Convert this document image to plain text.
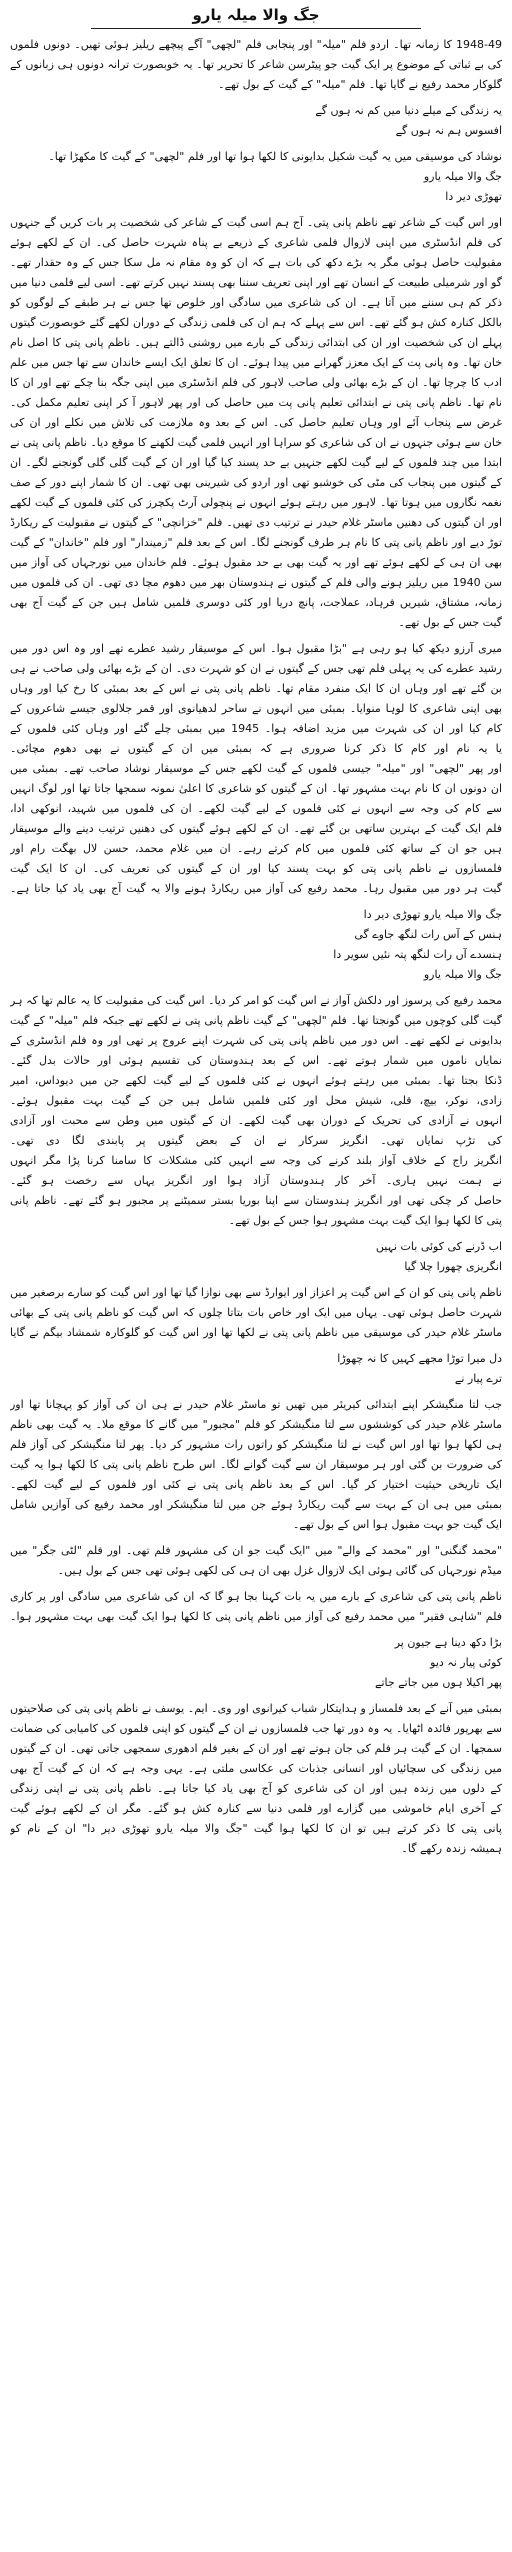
جگ والا میلہ یارو
1948-49 کا زمانہ تھا۔ اردو فلم "میلہ" اور پنجابی فلم "لچھی" آگے پیچھے ریلیز ہوئی تھیں۔ دونوں فلموں
کی بے ثباتی کے موضوع پر ایک گیت جو پیٹرسن شاعر کا تحریر تھا۔ یہ خوبصورت ترانہ دونوں ہی زبانوں کے
گلوکار محمد رفیع نے گایا تھا۔ فلم "میلہ" کے گیت کے بول تھے۔
یہ زندگی کے میلے دنیا میں کم نہ ہوں گے
افسوس ہم نہ ہوں گے
نوشاد کی موسیقی میں یہ گیت شکیل بدایونی کا لکھا ہوا تھا اور فلم "لچھی" کے گیت کا مکھڑا تھا۔
جگ والا میلہ یارو
تھوڑی دیر دا
اور اس گیت کے شاعر تھے ناظم پانی پتی۔ آج ہم اسی گیت کے شاعر کی شخصیت پر بات کریں گے جنہوں
کی فلم انڈسٹری میں اپنی لازوال فلمی شاعری کے ذریعے بے پناہ شہرت حاصل کی۔ ان کے لکھے ہوئے
مقبولیت حاصل ہوئی مگر یہ بڑے دکھ کی بات ہے کہ ان کو وہ مقام نہ مل سکا جس کے وہ حقدار تھے۔
گو اور شرمیلی طبیعت کے انسان تھے اور اپنی تعریف سننا بھی پسند نہیں کرتے تھے۔ اسی لیے فلمی دنیا میں
ذکر کم ہی سننے میں آتا ہے۔ ان کی شاعری میں سادگی اور خلوص تھا جس نے ہر طبقے کے لوگوں کو
بالکل کنارہ کش ہو گئے تھے۔ اس سے پہلے کہ ہم ان کی فلمی زندگی کے دوران لکھے گئے خوبصورت گیتوں
پہلے ان کی شخصیت اور ان کی ابتدائی زندگی کے بارے میں روشنی ڈالتے ہیں۔ ناظم پانی پتی کا اصل نام
خان تھا۔ وہ پانی پت کے ایک معزز گھرانے میں پیدا ہوئے۔ ان کا تعلق ایک ایسے خاندان سے تھا جس میں علم
ادب کا چرچا تھا۔ ان کے بڑے بھائی ولی صاحب لاہور کی فلم انڈسٹری میں اپنی جگہ بنا چکے تھے اور ان کا
نام تھا۔ ناظم پانی پتی نے ابتدائی تعلیم پانی پت میں حاصل کی اور پھر لاہور آ کر اپنی تعلیم مکمل کی۔
غرض سے پنجاب آئے اور وہاں تعلیم حاصل کی۔ اس کے بعد وہ ملازمت کی تلاش میں نکلے اور ان کی
خان سے ہوئی جنہوں نے ان کی شاعری کو سراہا اور انہیں فلمی گیت لکھنے کا موقع دیا۔ ناظم پانی پتی نے
ابتدا میں چند فلموں کے لیے گیت لکھے جنہیں بے حد پسند کیا گیا اور ان کے گیت گلی گلی گونجنے لگے۔ ان
کے گیتوں میں پنجاب کی مٹی کی خوشبو تھی اور اردو کی شیرینی بھی تھی۔ ان کا شمار اپنے دور کے صف
نغمہ نگاروں میں ہوتا تھا۔ لاہور میں رہتے ہوئے انہوں نے پنچولی آرٹ پکچرز کی کئی فلموں کے گیت لکھے
اور ان گیتوں کی دھنیں ماسٹر غلام حیدر نے ترتیب دی تھیں۔ فلم "خزانچی" کے گیتوں نے مقبولیت کے ریکارڈ
توڑ دیے اور ناظم پانی پتی کا نام ہر طرف گونجنے لگا۔ اس کے بعد فلم "زمیندار" اور فلم "خاندان" کے گیت
بھی ان ہی کے لکھے ہوئے تھے اور یہ گیت بھی بے حد مقبول ہوئے۔ فلم خاندان میں نورجہاں کی آواز میں
سن 1940 میں ریلیز ہونے والی فلم کے گیتوں نے ہندوستان بھر میں دھوم مچا دی تھی۔ ان کی فلموں میں
زمانہ، مشتاق، شیریں فرہاد، عملاجت، پانچ دریا اور کئی دوسری فلمیں شامل ہیں جن کے گیت آج بھی
گیت جس کے بول تھے۔
میری آرزو دیکھ کیا ہو رہی ہے "بڑا مقبول ہوا۔ اس کے موسیقار رشید عطرے تھے اور وہ اس دور میں
رشید عطرے کی یہ پہلی فلم تھی جس کے گیتوں نے ان کو شہرت دی۔ ان کے بڑے بھائی ولی صاحب نے ہی
بن گئے تھے اور وہاں ان کا ایک منفرد مقام تھا۔ ناظم پانی پتی نے اس کے بعد بمبئی کا رخ کیا اور وہاں
بھی اپنی شاعری کا لوہا منوایا۔ بمبئی میں انہوں نے ساحر لدھیانوی اور قمر جلالوی جیسے شاعروں کے
کام کیا اور ان کی شہرت میں مزید اضافہ ہوا۔ 1945 میں بمبئی چلے گئے اور وہاں کئی فلموں کے
یا یہ نام اور کام کا ذکر کرنا ضروری ہے کہ بمبئی میں ان کے گیتوں نے بھی دھوم مچائی۔
اور پھر "لچھی" اور "میلہ" جیسی فلموں کے گیت لکھے جس کے موسیقار نوشاد صاحب تھے۔ بمبئی میں
ان دونوں ان کا نام بہت مشہور تھا۔ ان کے گیتوں کو شاعری کا اعلیٰ نمونہ سمجھا جاتا تھا اور لوگ انہیں
سے کام کی وجہ سے انہوں نے کئی فلموں کے لیے گیت لکھے۔ ان کی فلموں میں شہید، انوکھی ادا،
فلم ایک گیت کے بہترین ساتھی بن گئے تھے۔ ان کے لکھے ہوئے گیتوں کی دھنیں ترتیب دینے والے موسیقار
ہیں جو ان کے ساتھ کئی فلموں میں کام کرتے رہے۔ ان میں غلام محمد، حسن لال بھگت رام اور
فلمسازوں نے ناظم پانی پتی کو بہت پسند کیا اور ان کے گیتوں کی تعریف کی۔ ان کا ایک گیت
گیت ہر دور میں مقبول رہا۔ محمد رفیع کی آواز میں ریکارڈ ہونے والا یہ گیت آج بھی یاد کیا جاتا ہے۔
جگ والا میلہ یارو تھوڑی دیر دا
ہنس کے آس رات لنگھ جاوے گی
ہنسدے آں رات لنگھ پتہ نئیں سویر دا
جگ والا میلہ یارو
محمد رفیع کی پرسوز اور دلکش آواز نے اس گیت کو امر کر دیا۔ اس گیت کی مقبولیت کا یہ عالم تھا کہ ہر
گیت گلی کوچوں میں گونجتا تھا۔ فلم "لچھی" کے گیت ناظم پانی پتی نے لکھے تھے جبکہ فلم "میلہ" کے گیت
بدایونی نے لکھے تھے۔ اس دور میں ناظم پانی پتی کی شہرت اپنے عروج پر تھی اور وہ فلم انڈسٹری کے
نمایاں ناموں میں شمار ہوتے تھے۔ اس کے بعد ہندوستان کی تقسیم ہوئی اور حالات بدل گئے۔
ڈنکا بجتا تھا۔ بمبئی میں رہتے ہوئے انہوں نے کئی فلموں کے لیے گیت لکھے جن میں دیوداس، امیر
زادی، نوکر، بیچ، قلی، شیش محل اور کئی فلمیں شامل ہیں جن کے گیت بہت مقبول ہوئے۔
انہوں نے آزادی کی تحریک کے دوران بھی گیت لکھے۔ ان کے گیتوں میں وطن سے محبت اور آزادی
کی تڑپ نمایاں تھی۔ انگریز سرکار نے ان کے بعض گیتوں پر پابندی لگا دی تھی۔
انگریز راج کے خلاف آواز بلند کرنے کی وجہ سے انہیں کئی مشکلات کا سامنا کرنا پڑا مگر انہوں
نے ہمت نہیں ہاری۔ آخر کار ہندوستان آزاد ہوا اور انگریز یہاں سے رخصت ہو گئے۔
حاصل کر چکی تھی اور انگریز ہندوستان سے اپنا بوریا بستر سمیٹنے پر مجبور ہو گئے تھے۔ ناظم پانی
پتی کا لکھا ہوا ایک گیت بہت مشہور ہوا جس کے بول تھے۔
اب ڈرنے کی کوئی بات نہیں
انگریزی چھورا چلا گیا
ناظم پانی پتی کو ان کے اس گیت پر اعزاز اور ایوارڈ سے بھی نوازا گیا تھا اور اس گیت کو سارے برصغیر میں
شہرت حاصل ہوئی تھی۔ یہاں میں ایک اور خاص بات بتاتا چلوں کہ اس گیت کو ناظم پانی پتی کے بھائی
ماسٹر غلام حیدر کی موسیقی میں ناظم پانی پتی نے لکھا تھا اور اس گیت کو گلوکارہ شمشاد بیگم نے گایا
دل میرا توڑا مجھے کہیں کا نہ چھوڑا
ترے پیار نے
جب لتا منگیشکر اپنے ابتدائی کیریئر میں تھیں تو ماسٹر غلام حیدر نے ہی ان کی آواز کو پہچانا تھا اور
ماسٹر غلام حیدر کی کوششوں سے لتا منگیشکر کو فلم "مجبور" میں گانے کا موقع ملا۔ یہ گیت بھی ناظم
ہی لکھا ہوا تھا اور اس گیت نے لتا منگیشکر کو راتوں رات مشہور کر دیا۔ پھر لتا منگیشکر کی آواز فلم
کی ضرورت بن گئی اور ہر موسیقار ان سے گیت گوانے لگا۔ اس طرح ناظم پانی پتی کا لکھا ہوا یہ گیت
ایک تاریخی حیثیت اختیار کر گیا۔ اس کے بعد ناظم پانی پتی نے کئی اور فلموں کے لیے گیت لکھے۔
بمبئی میں ہی ان کے بہت سے گیت ریکارڈ ہوئے جن میں لتا منگیشکر اور محمد رفیع کی آوازیں شامل
ایک گیت جو بہت مقبول ہوا اس کے بول تھے۔
"محمد گنگنی" اور "محمد کے والے" میں "ایک گیت جو ان کی مشہور فلم تھی۔ اور فلم "لٹی جگر" میں
میڈم نورجہاں کی گائی ہوئی ایک لازوال غزل بھی ان ہی کی لکھی ہوئی تھی جس کے بول ہیں۔
ناظم پانی پتی کی شاعری کے بارے میں یہ بات کہنا بجا ہو گا کہ ان کی شاعری میں سادگی اور پر کاری
فلم "شاہی فقیر" میں محمد رفیع کی آواز میں ناظم پانی پتی کا لکھا ہوا ایک گیت بھی بہت مشہور ہوا۔
بڑا دکھ دینا ہے جیون پر
کوئی پیار نہ دیو
پھر اکیلا ہوں میں جاتے جاتے
بمبئی میں آنے کے بعد فلمساز و ہدایتکار شباب کیرانوی اور وی۔ ایم۔ یوسف نے ناظم پانی پتی کی صلاحیتوں
سے بھرپور فائدہ اٹھایا۔ یہ وہ دور تھا جب فلمسازوں نے ان کے گیتوں کو اپنی فلموں کی کامیابی کی ضمانت
سمجھا۔ ان کے گیت ہر فلم کی جان ہوتے تھے اور ان کے بغیر فلم ادھوری سمجھی جاتی تھی۔ ان کے گیتوں
میں زندگی کی سچائیاں اور انسانی جذبات کی عکاسی ملتی ہے۔ یہی وجہ ہے کہ ان کے گیت آج بھی
کے دلوں میں زندہ ہیں اور ان کی شاعری کو آج بھی یاد کیا جاتا ہے۔ ناظم پانی پتی نے اپنی زندگی
کے آخری ایام خاموشی میں گزارے اور فلمی دنیا سے کنارہ کش ہو گئے۔ مگر ان کے لکھے ہوئے گیت
پانی پتی کا ذکر کرتے ہیں تو ان کا لکھا ہوا گیت "جگ والا میلہ یارو تھوڑی دیر دا" ان کے نام کو
ہمیشہ زندہ رکھے گا۔
